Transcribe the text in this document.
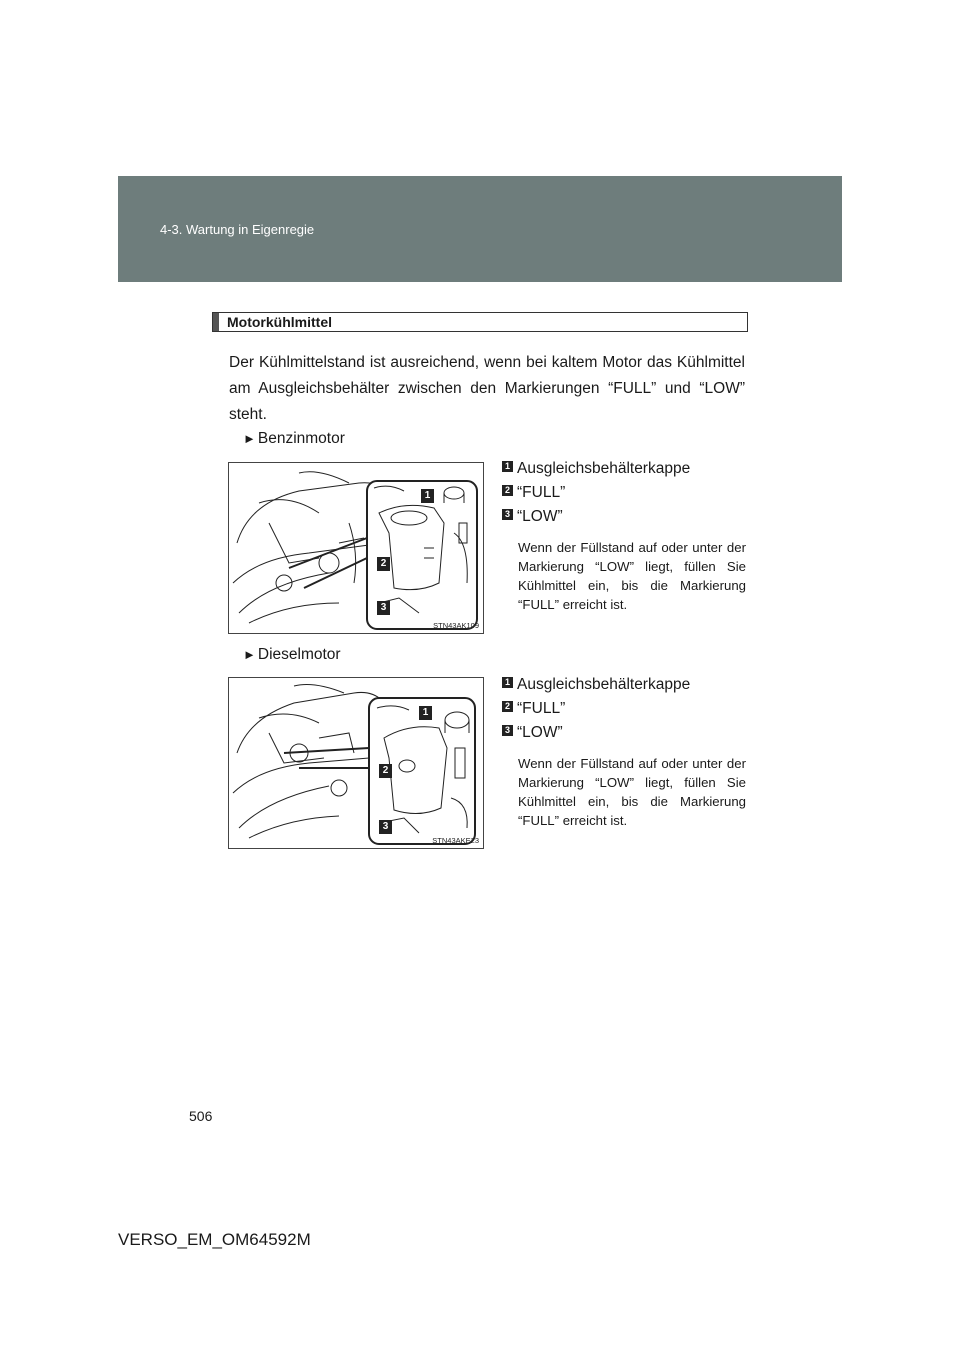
4-3. Wartung in Eigenregie
Motorkühlmittel
Der Kühlmittelstand ist ausreichend, wenn bei kaltem Motor das Kühlmittel am Ausgleichsbehälter zwischen den Markierungen “FULL” und “LOW” steht.
► Benzinmotor
1
2
3
STN43AK109
1 Ausgleichsbehälterkappe
2 “FULL”
3 “LOW”
Wenn der Füllstand auf oder unter der Markierung “LOW” liegt, füllen Sie Kühlmittel ein, bis die Markierung “FULL” erreicht ist.
► Dieselmotor
1
2
3
STN43AKE23
1 Ausgleichsbehälterkappe
2 “FULL”
3 “LOW”
Wenn der Füllstand auf oder unter der Markierung “LOW” liegt, füllen Sie Kühlmittel ein, bis die Markierung “FULL” erreicht ist.
506
VERSO_EM_OM64592M
